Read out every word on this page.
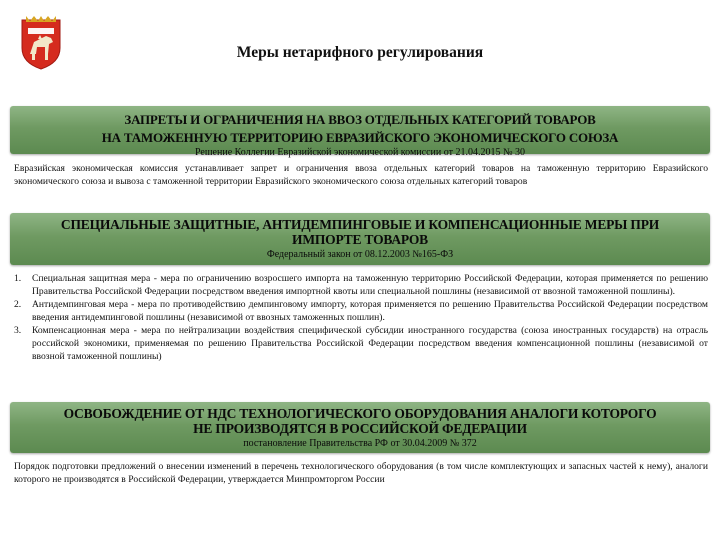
Меры нетарифного регулирования
ЗАПРЕТЫ И ОГРАНИЧЕНИЯ НА ВВОЗ ОТДЕЛЬНЫХ КАТЕГОРИЙ ТОВАРОВ
НА ТАМОЖЕННУЮ ТЕРРИТОРИЮ ЕВРАЗИЙСКОГО ЭКОНОМИЧЕСКОГО СОЮЗА
Решение Коллегии Евразийской экономической комиссии от 21.04.2015 № 30
Евразийская экономическая комиссия устанавливает запрет и ограничения ввоза отдельных категорий товаров на таможенную территорию Евразийского экономического союза и вывоза с таможенной территории Евразийского экономического союза отдельных категорий товаров
СПЕЦИАЛЬНЫЕ ЗАЩИТНЫЕ, АНТИДЕМПИНГОВЫЕ И КОМПЕНСАЦИОННЫЕ МЕРЫ ПРИ
ИМПОРТЕ ТОВАРОВ
Федеральный закон от 08.12.2003 №165-ФЗ
1.	Специальная защитная мера - мера по ограничению возросшего импорта на таможенную территорию Российской Федерации, которая применяется по решению Правительства Российской Федерации посредством введения импортной квоты или специальной пошлины (независимой от ввозной таможенной пошлины).
2.	Антидемпинговая мера - мера по противодействию демпинговому импорту, которая применяется по решению Правительства Российской Федерации посредством введения антидемпинговой пошлины (независимой от ввозных таможенных пошлин).
3.	Компенсационная мера - мера по нейтрализации воздействия специфической субсидии иностранного государства (союза иностранных государств) на отрасль российской экономики, применяемая по решению Правительства Российской Федерации посредством введения компенсационной пошлины (независимой от ввозной таможенной пошлины)
ОСВОБОЖДЕНИЕ ОТ НДС ТЕХНОЛОГИЧЕСКОГО ОБОРУДОВАНИЯ АНАЛОГИ КОТОРОГО
НЕ ПРОИЗВОДЯТСЯ В РОССИЙСКОЙ ФЕДЕРАЦИИ
постановление Правительства РФ от 30.04.2009 № 372
Порядок подготовки предложений о внесении изменений в перечень технологического оборудования (в том числе комплектующих и запасных частей к нему), аналоги которого не производятся в Российской Федерации, утверждается Минпромторгом России
